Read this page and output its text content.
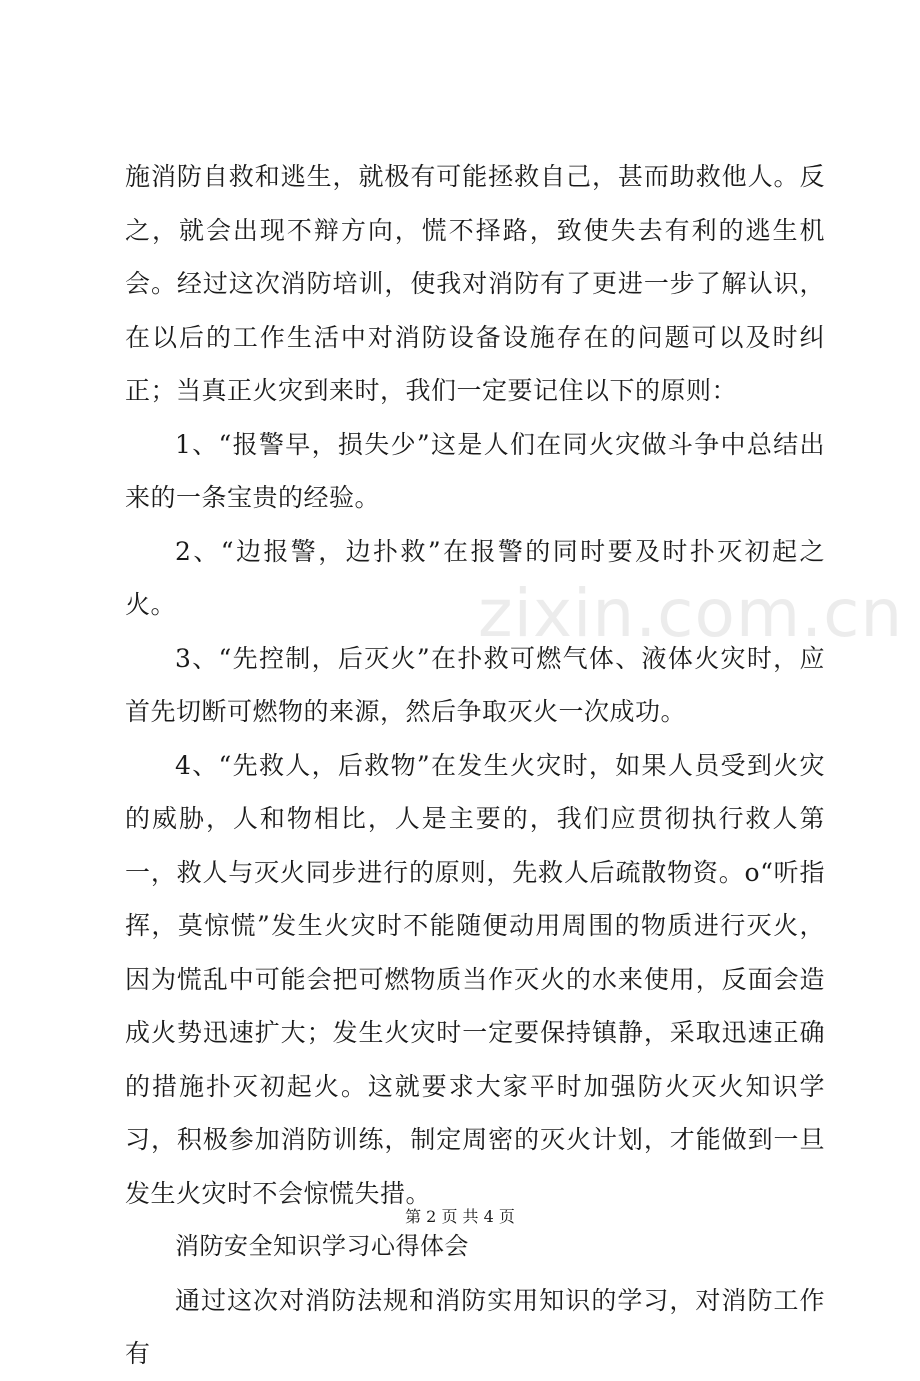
施消防自救和逃生，就极有可能拯救自己，甚而助救他人。反之，就会出现不辩方向，慌不择路，致使失去有利的逃生机会。经过这次消防培训，使我对消防有了更进一步了解认识，在以后的工作生活中对消防设备设施存在的问题可以及时纠正；当真正火灾到来时，我们一定要记住以下的原则：

1、“报警早，损失少”这是人们在同火灾做斗争中总结出来的一条宝贵的经验。

2、“边报警，边扑救”在报警的同时要及时扑灭初起之火。

3、“先控制，后灭火”在扑救可燃气体、液体火灾时，应首先切断可燃物的来源，然后争取灭火一次成功。

4、“先救人，后救物”在发生火灾时，如果人员受到火灾的威胁，人和物相比，人是主要的，我们应贯彻执行救人第一，救人与灭火同步进行的原则，先救人后疏散物资。o“听指挥，莫惊慌”发生火灾时不能随便动用周围的物质进行灭火，因为慌乱中可能会把可燃物质当作灭火的水来使用，反面会造成火势迅速扩大；发生火灾时一定要保持镇静，采取迅速正确的措施扑灭初起火。这就要求大家平时加强防火灭火知识学习，积极参加消防训练，制定周密的灭火计划，才能做到一旦发生火灾时不会惊慌失措。

消防安全知识学习心得体会

通过这次对消防法规和消防实用知识的学习，对消防工作有

zixin.com.cn
第 2 页 共 4 页
